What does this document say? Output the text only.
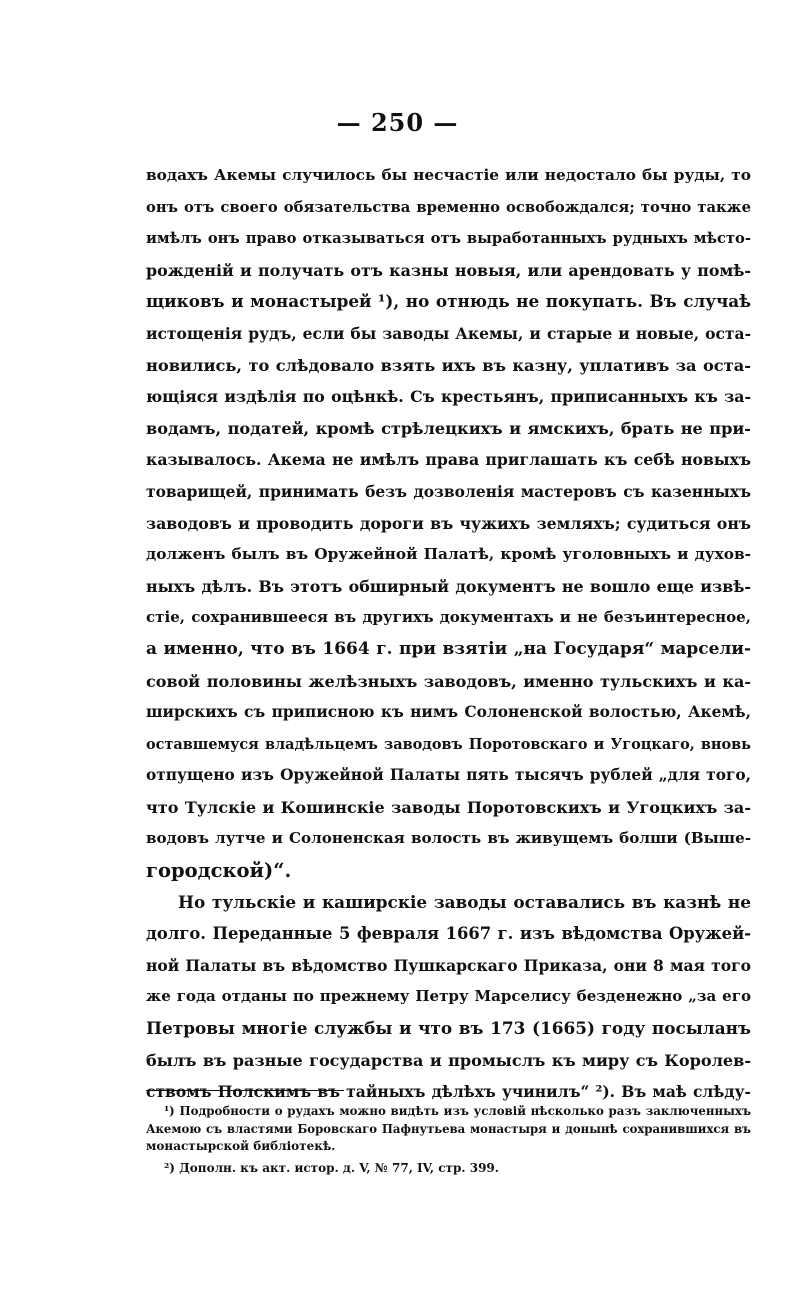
— 250 —
водахъ Акемы случилось бы несчастіе или недостало бы руды, то
онъ отъ своего обязательства временно освобождался; точно также
имѣлъ онъ право отказываться отъ выработанныхъ рудныхъ мѣсто-
рожденій и получать отъ казны новыя, или арендовать у помѣ-
щиковъ и монастырей ¹), но отнюдь не покупать. Въ случаѣ
истощенія рудъ, если бы заводы Акемы, и старые и новые, оста-
новились, то слѣдовало взять ихъ въ казну, уплативъ за оста-
ющіяся издѣлія по оцѣнкѣ. Съ крестьянъ, приписанныхъ къ за-
водамъ, податей, кромѣ стрѣлецкихъ и ямскихъ, брать не при-
казывалось. Акема не имѣлъ права приглашать къ себѣ новыхъ
товарищей, принимать безъ дозволенія мастеровъ съ казенныхъ
заводовъ и проводить дороги въ чужихъ земляхъ; судиться онъ
долженъ былъ въ Оружейной Палатѣ, кромѣ уголовныхъ и духов-
ныхъ дѣлъ. Въ этотъ обширный документъ не вошло еще извѣ-
стіе, сохранившееся въ другихъ документахъ и не безъинтересное,
а именно, что въ 1664 г. при взятіи „на Государя“ марсели-
совой половины желѣзныхъ заводовъ, именно тульскихъ и ка-
ширскихъ съ приписною къ нимъ Солоненской волостью, Акемѣ,
оставшемуся владѣльцемъ заводовъ Поротовскаго и Угоцкаго, вновь
отпущено изъ Оружейной Палаты пять тысячъ рублей „для того,
что Тулскіе и Кошинскіе заводы Поротовскихъ и Угоцкихъ за-
водовъ лутче и Солоненская волость въ живущемъ болши (Выше-
городской)“.
Но тульскіе и каширскіе заводы оставались въ казнѣ не
долго. Переданные 5 февраля 1667 г. изъ вѣдомства Оружей-
ной Палаты въ вѣдомство Пушкарскаго Приказа, они 8 мая того
же года отданы по прежнему Петру Марселису безденежно „за его
Петровы многіе службы и что въ 173 (1665) году посыланъ
былъ въ разные государства и промыслъ къ миру съ Королев-
ствомъ Полскимъ въ тайныхъ дѣлѣхъ учинилъ“ ²). Въ маѣ слѣду-
¹) Подробности о рудахъ можно видѣть изъ условій нѣсколько разъ заключенныхъ
Акемою съ властями Боровскаго Пафнутьева монастыря и донынѣ сохранившихся въ
монастырской библіотекѣ.
²) Дополн. къ акт. истор. д. V, № 77, IV, стр. 399.
